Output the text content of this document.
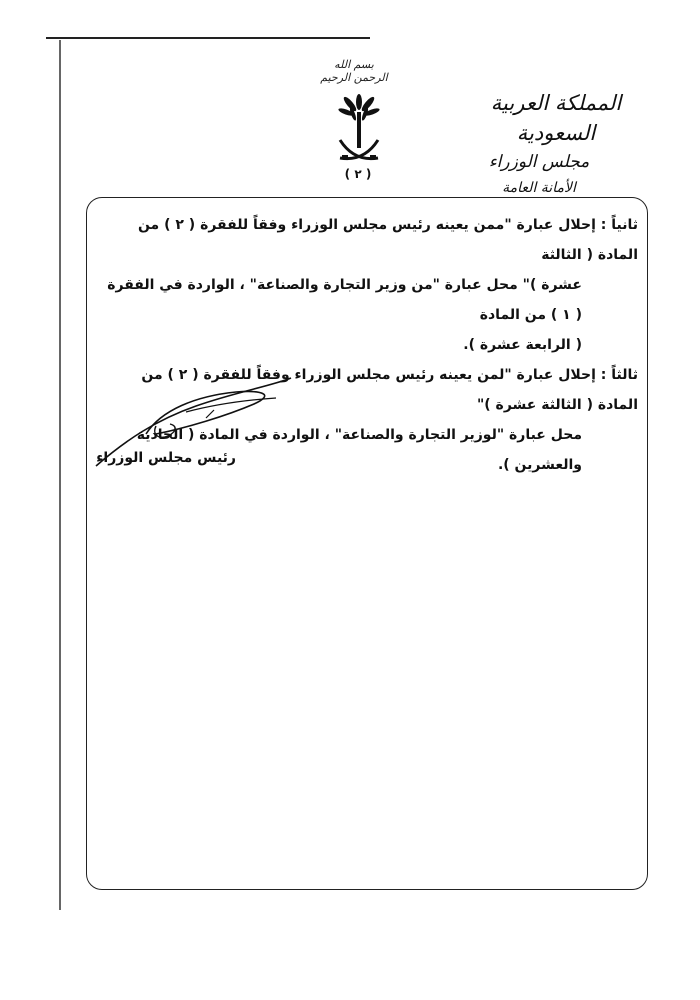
بسم الله الرحمن الرحيم
( ٢ )
المملكة العربية السعودية
مجلس الوزراء
الأمانة العامة

ثانياً : إحلال عبارة "ممن يعينه رئيس مجلس الوزراء وفقاً للفقرة ( ٢ ) من المادة ( الثالثة

عشرة )" محل عبارة "من وزير التجارة والصناعة" ، الواردة في الفقرة ( ١ ) من المادة

( الرابعة عشرة ).

ثالثاً : إحلال عبارة "لمن يعينه رئيس مجلس الوزراء وفقاً للفقرة ( ٢ ) من المادة ( الثالثة عشرة )"

محل عبارة "لوزير التجارة والصناعة" ، الواردة في المادة ( الحادية والعشرين ).

رئيس مجلس الوزراء
